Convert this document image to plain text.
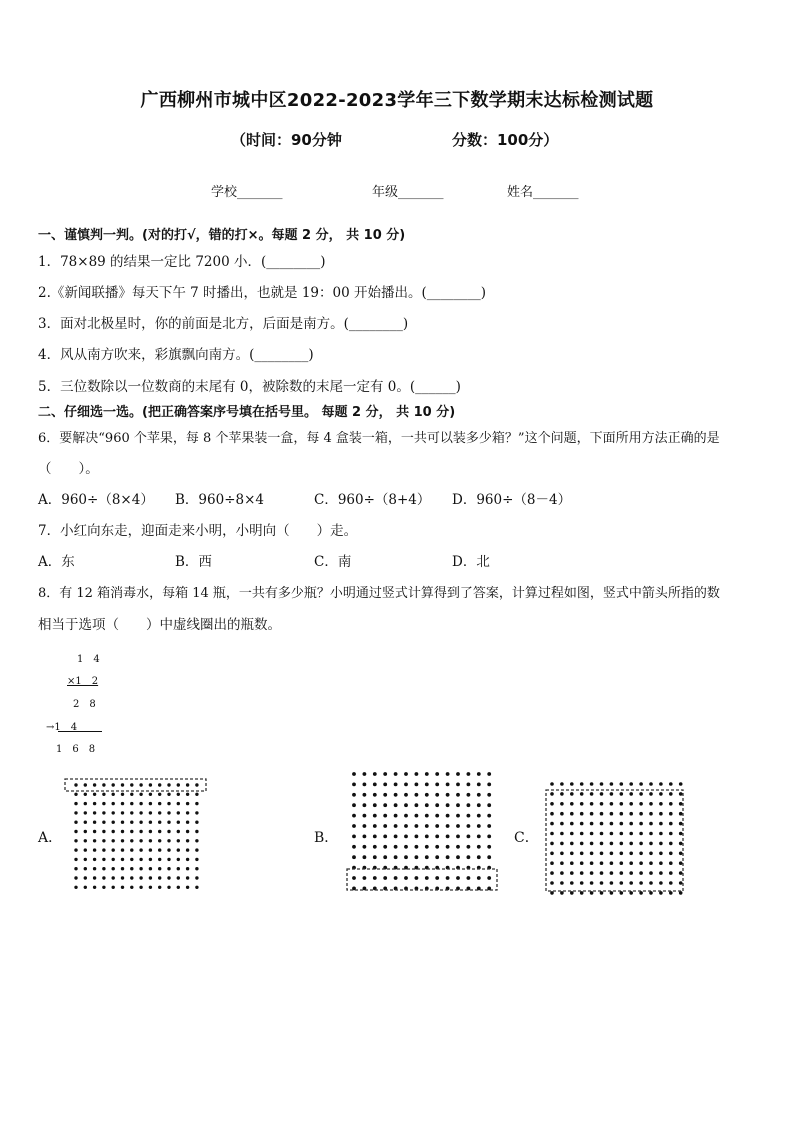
广西柳州市城中区2022-2023学年三下数学期末达标检测试题
（时间：90分钟	分数：100分）
学校_______	年级_______	姓名_______
一、谨慎判一判。(对的打√，错的打×。每题 2 分， 共 10 分)
1．78×89 的结果一定比 7200 小．(________)
2.《新闻联播》每天下午 7 时播出，也就是 19：00 开始播出。(________)
3．面对北极星时，你的前面是北方，后面是南方。(________)
4．风从南方吹来，彩旗飘向南方。(________)
5．三位数除以一位数商的末尾有 0，被除数的末尾一定有 0。(______)
二、仔细选一选。(把正确答案序号填在括号里。 每题 2 分， 共 10 分)
6．要解决“960 个苹果，每 8 个苹果装一盒，每 4 盒装一箱，一共可以装多少箱？”这个问题，下面所用方法正确的是
（　　）。
A．960÷（8×4） B．960÷8×4	C．960÷（8+4） D．960÷（8－4）
7．小红向东走，迎面走来小明，小明向（　　）走。
A．东	B．西	C．南	D．北
8．有 12 箱消毒水，每箱 14 瓶，一共有多少瓶？小明通过竖式计算得到了答案，计算过程如图，竖式中箭头所指的数
相当于选项（　　）中虚线圈出的瓶数。
1　4
×1　2
2　8
→1　4
1　6　8
A．	B．	C．
